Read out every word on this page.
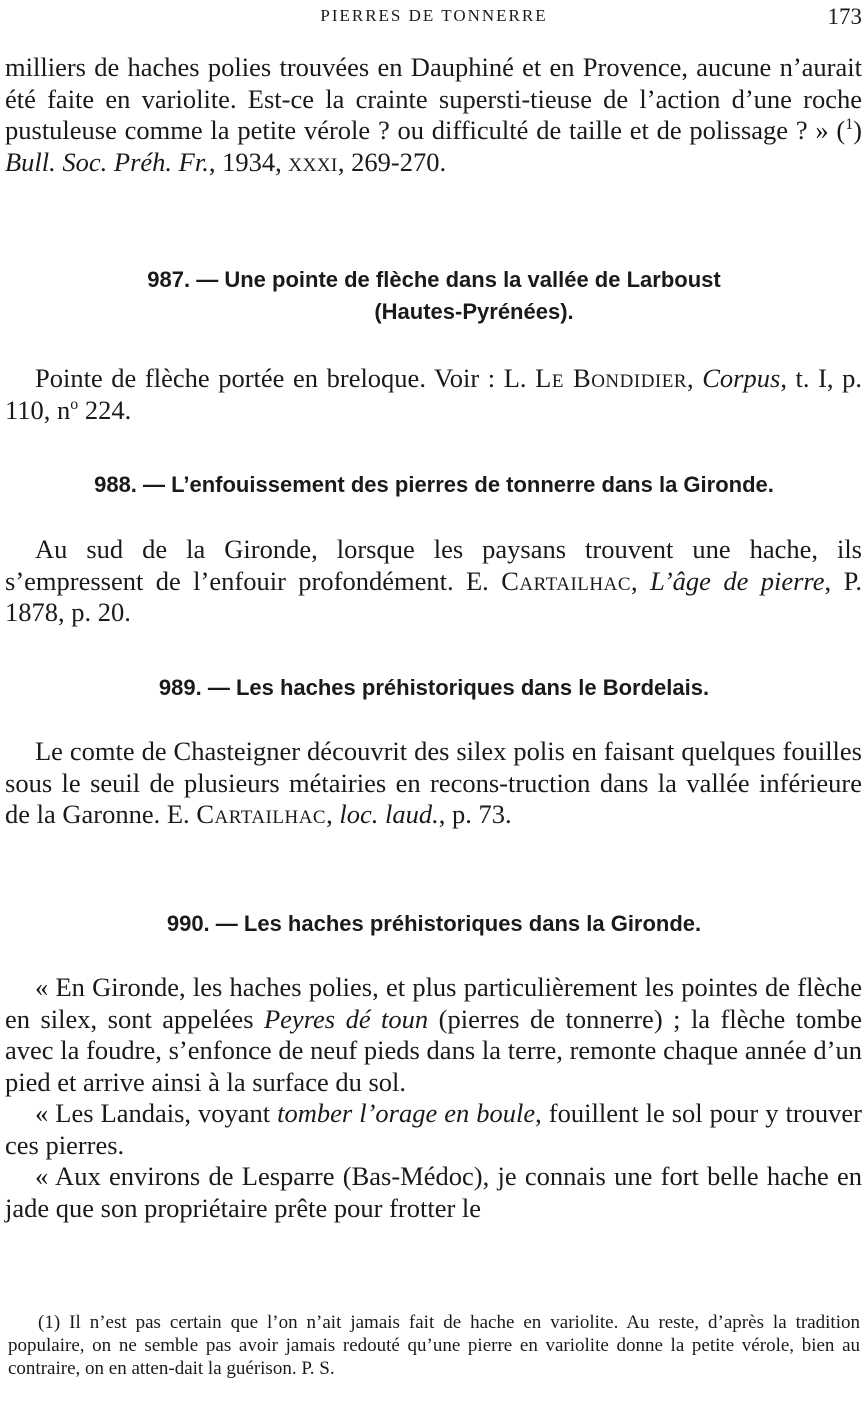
PIERRES DE TONNERRE	173

milliers de haches polies trouvées en Dauphiné et en Provence, aucune n’aurait été faite en variolite. Est-ce la crainte supersti-tieuse de l’action d’une roche pustuleuse comme la petite vérole ? ou difficulté de taille et de polissage ? » ($^1$) Bull. Soc. Préh. Fr., 1934, xxxi, 269-270.

987. — Une pointe de flèche dans la vallée de Larboust
(Hautes-Pyrénées).

Pointe de flèche portée en breloque. Voir : L. Le Bondidier, Corpus, t. I, p. 110, $n^o$ 224.

988. — L’enfouissement des pierres de tonnerre dans la Gironde.

Au sud de la Gironde, lorsque les paysans trouvent une hache, ils s’empressent de l’enfouir profondément. E. Cartailhac, L’âge de pierre, P. 1878, p. 20.

989. — Les haches préhistoriques dans le Bordelais.

Le comte de Chasteigner découvrit des silex polis en faisant quelques fouilles sous le seuil de plusieurs métairies en recons-truction dans la vallée inférieure de la Garonne. E. Cartailhac, loc. laud., p. 73.

990. — Les haches préhistoriques dans la Gironde.

« En Gironde, les haches polies, et plus particulièrement les pointes de flèche en silex, sont appelées Peyres dé toun (pierres de tonnerre) ; la flèche tombe avec la foudre, s’enfonce de neuf pieds dans la terre, remonte chaque année d’un pied et arrive ainsi à la surface du sol.

« Les Landais, voyant tomber l’orage en boule, fouillent le sol pour y trouver ces pierres.

« Aux environs de Lesparre (Bas-Médoc), je connais une fort belle hache en jade que son propriétaire prête pour frotter le

(1) Il n’est pas certain que l’on n’ait jamais fait de hache en variolite. Au reste, d’après la tradition populaire, on ne semble pas avoir jamais redouté qu’une pierre en variolite donne la petite vérole, bien au contraire, on en atten-dait la guérison. P. S.
